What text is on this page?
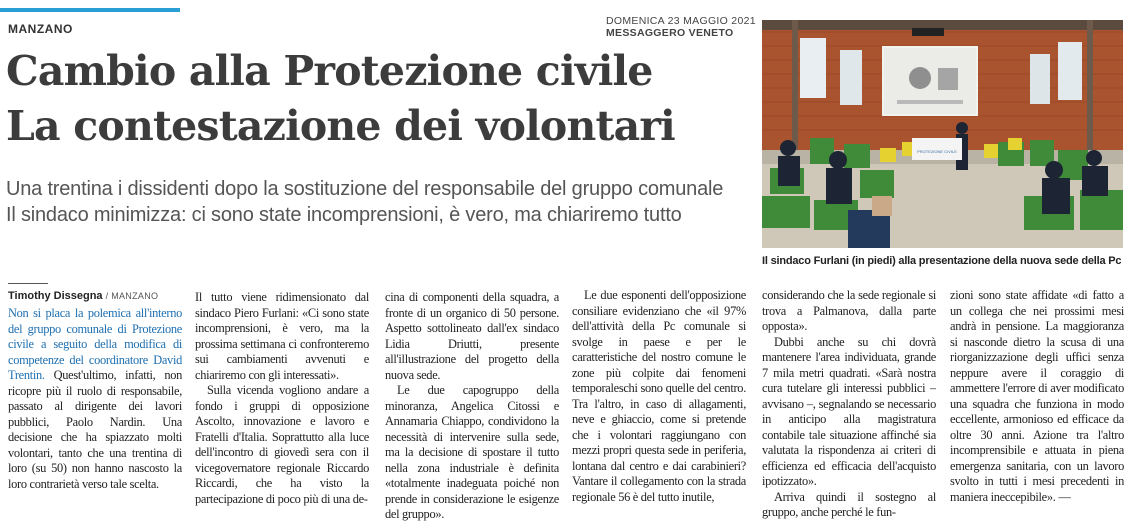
MANZANO
DOMENICA 23 MAGGIO 2021
MESSAGGERO VENETO
Cambio alla Protezione civile
La contestazione dei volontari
Una trentina i dissidenti dopo la sostituzione del responsabile del gruppo comunale
Il sindaco minimizza: ci sono state incomprensioni, è vero, ma chiariremo tutto
PROTEZIONE CIVILE
Il sindaco Furlani (in piedi) alla presentazione della nuova sede della Pc
Timothy Dissegna / MANZANO

Non si placa la polemica all'interno del gruppo comunale di Protezione civile a seguito della modifica di competenze del coordinatore David Trentin. Quest'ultimo, infatti, non ricopre più il ruolo di responsabile, passato al dirigente dei lavori pubblici, Paolo Nardin. Una decisione che ha spiazzato molti volontari, tanto che una trentina di loro (su 50) non hanno nascosto la loro contrarietà verso tale scelta.

Il tutto viene ridimensionato dal sindaco Piero Furlani: «Ci sono state incomprensioni, è vero, ma la prossima settimana ci confronteremo sui cambiamenti avvenuti e chiariremo con gli interessati».

Sulla vicenda vogliono andare a fondo i gruppi di opposizione Ascolto, innovazione e lavoro e Fratelli d'Italia. Soprattutto alla luce dell'incontro di giovedì sera con il vicegovernatore regionale Riccardo Riccardi, che ha visto la partecipazione di poco più di una de-

cina di componenti della squadra, a fronte di un organico di 50 persone. Aspetto sottolineato dall'ex sindaco Lidia Driutti, presente all'illustrazione del progetto della nuova sede.

Le due capogruppo della minoranza, Angelica Citossi e Annamaria Chiappo, condividono la necessità di intervenire sulla sede, ma la decisione di spostare il tutto nella zona industriale è definita «totalmente inadeguata poiché non prende in considerazione le esigenze del gruppo».

Le due esponenti dell'opposizione consiliare evidenziano che «il 97% dell'attività della Pc comunale si svolge in paese e per le caratteristiche del nostro comune le zone più colpite dai fenomeni temporaleschi sono quelle del centro. Tra l'altro, in caso di allagamenti, neve e ghiaccio, come si pretende che i volontari raggiungano con mezzi propri questa sede in periferia, lontana dal centro e dai carabinieri? Vantare il collegamento con la strada regionale 56 è del tutto inutile,

considerando che la sede regionale si trova a Palmanova, dalla parte opposta».

Dubbi anche su chi dovrà mantenere l'area individuata, grande 7 mila metri quadrati. «Sarà nostra cura tutelare gli interessi pubblici – avvisano –, segnalando se necessario in anticipo alla magistratura contabile tale situazione affinché sia valutata la rispondenza ai criteri di efficienza ed efficacia dell'acquisto ipotizzato».

Arriva quindi il sostegno al gruppo, anche perché le fun-

zioni sono state affidate «di fatto a un collega che nei prossimi mesi andrà in pensione. La maggioranza si nasconde dietro la scusa di una riorganizzazione degli uffici senza neppure avere il coraggio di ammettere l'errore di aver modificato una squadra che funziona in modo eccellente, armonioso ed efficace da oltre 30 anni. Azione tra l'altro incomprensibile e attuata in piena emergenza sanitaria, con un lavoro svolto in tutti i mesi precedenti in maniera ineccepibile». —
